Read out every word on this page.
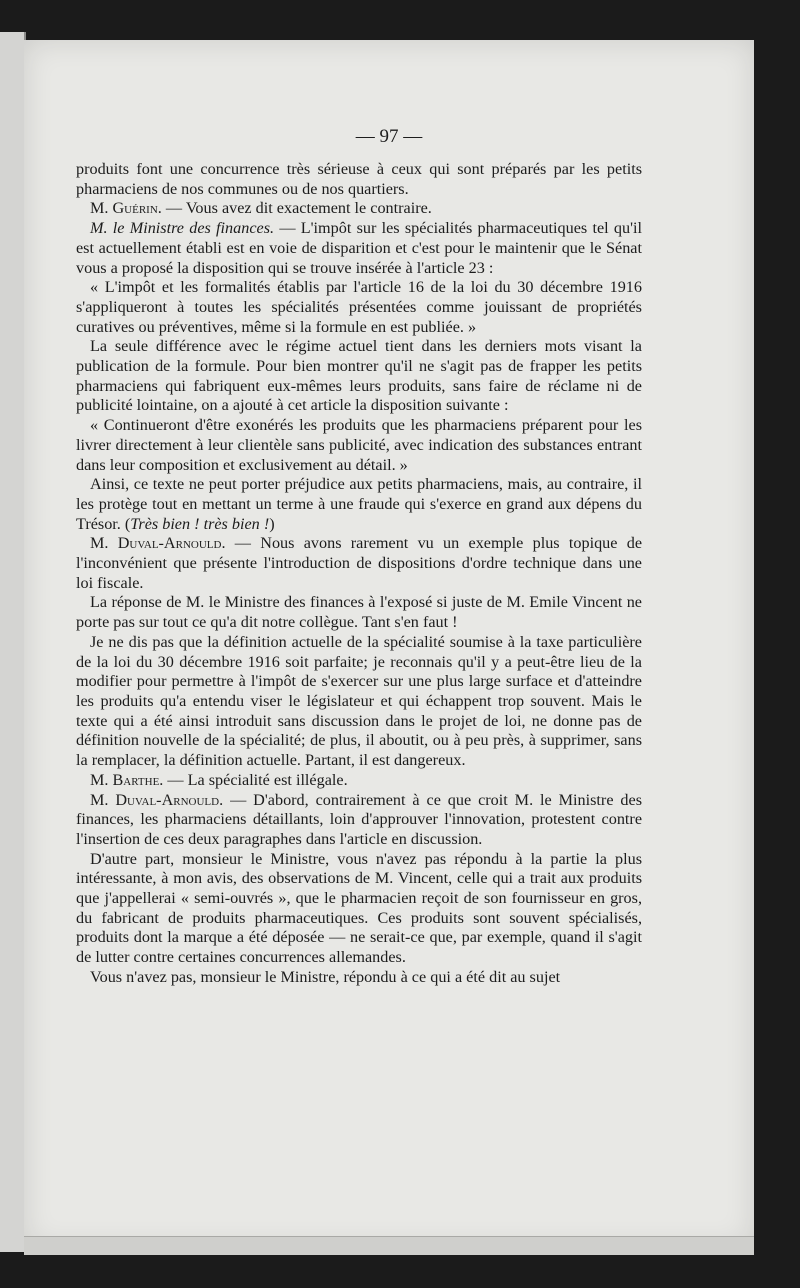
— 97 —

produits font une concurrence très sérieuse à ceux qui sont préparés par les petits pharmaciens de nos communes ou de nos quartiers.

M. Guérin. — Vous avez dit exactement le contraire.

M. le Ministre des finances. — L'impôt sur les spécialités pharmaceutiques tel qu'il est actuellement établi est en voie de disparition et c'est pour le maintenir que le Sénat vous a proposé la disposition qui se trouve insérée à l'article 23 :

« L'impôt et les formalités établis par l'article 16 de la loi du 30 décembre 1916 s'appliqueront à toutes les spécialités présentées comme jouissant de propriétés curatives ou préventives, même si la formule en est publiée. »

La seule différence avec le régime actuel tient dans les derniers mots visant la publication de la formule. Pour bien montrer qu'il ne s'agit pas de frapper les petits pharmaciens qui fabriquent eux-mêmes leurs produits, sans faire de réclame ni de publicité lointaine, on a ajouté à cet article la disposition suivante :

« Continueront d'être exonérés les produits que les pharmaciens préparent pour les livrer directement à leur clientèle sans publicité, avec indication des substances entrant dans leur composition et exclusivement au détail. »

Ainsi, ce texte ne peut porter préjudice aux petits pharmaciens, mais, au contraire, il les protège tout en mettant un terme à une fraude qui s'exerce en grand aux dépens du Trésor. (Très bien ! très bien !)

M. Duval-Arnould. — Nous avons rarement vu un exemple plus topique de l'inconvénient que présente l'introduction de dispositions d'ordre technique dans une loi fiscale.

La réponse de M. le Ministre des finances à l'exposé si juste de M. Emile Vincent ne porte pas sur tout ce qu'a dit notre collègue. Tant s'en faut !

Je ne dis pas que la définition actuelle de la spécialité soumise à la taxe particulière de la loi du 30 décembre 1916 soit parfaite; je reconnais qu'il y a peut-être lieu de la modifier pour permettre à l'impôt de s'exercer sur une plus large surface et d'atteindre les produits qu'a entendu viser le législateur et qui échappent trop souvent. Mais le texte qui a été ainsi introduit sans discussion dans le projet de loi, ne donne pas de définition nouvelle de la spécialité; de plus, il aboutit, ou à peu près, à supprimer, sans la remplacer, la définition actuelle. Partant, il est dangereux.

M. Barthe. — La spécialité est illégale.

M. Duval-Arnould. — D'abord, contrairement à ce que croit M. le Ministre des finances, les pharmaciens détaillants, loin d'approuver l'innovation, protestent contre l'insertion de ces deux paragraphes dans l'article en discussion.

D'autre part, monsieur le Ministre, vous n'avez pas répondu à la partie la plus intéressante, à mon avis, des observations de M. Vincent, celle qui a trait aux produits que j'appellerai « semi-ouvrés », que le pharmacien reçoit de son fournisseur en gros, du fabricant de produits pharmaceutiques. Ces produits sont souvent spécialisés, produits dont la marque a été déposée — ne serait-ce que, par exemple, quand il s'agit de lutter contre certaines concurrences allemandes.

Vous n'avez pas, monsieur le Ministre, répondu à ce qui a été dit au sujet
